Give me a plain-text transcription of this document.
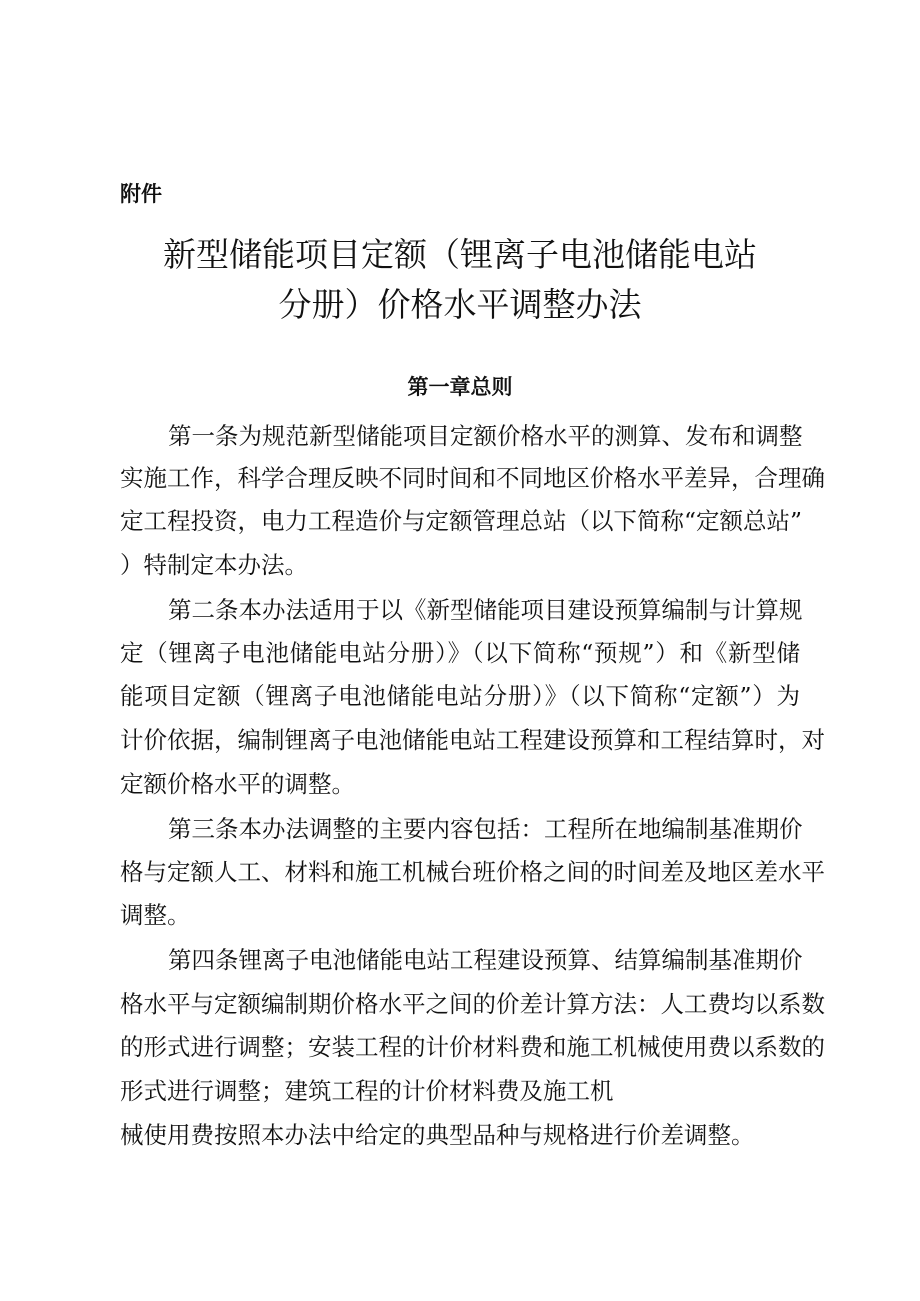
附件
新型储能项目定额（锂离子电池储能电站
分册）价格水平调整办法
第一章总则
第一条为规范新型储能项目定额价格水平的测算、发布和调整
实施工作，科学合理反映不同时间和不同地区价格水平差异，合理确
定工程投资，电力工程造价与定额管理总站（以下简称“定额总站”
）特制定本办法。
第二条本办法适用于以《新型储能项目建设预算编制与计算规
定（锂离子电池储能电站分册）》（以下简称“预规”）和《新型储
能项目定额（锂离子电池储能电站分册）》（以下简称“定额”）为
计价依据，编制锂离子电池储能电站工程建设预算和工程结算时，对
定额价格水平的调整。
第三条本办法调整的主要内容包括：工程所在地编制基准期价
格与定额人工、材料和施工机械台班价格之间的时间差及地区差水平
调整。
第四条锂离子电池储能电站工程建设预算、结算编制基准期价
格水平与定额编制期价格水平之间的价差计算方法：人工费均以系数
的形式进行调整；安装工程的计价材料费和施工机械使用费以系数的
形式进行调整；建筑工程的计价材料费及施工机
械使用费按照本办法中给定的典型品种与规格进行价差调整。
